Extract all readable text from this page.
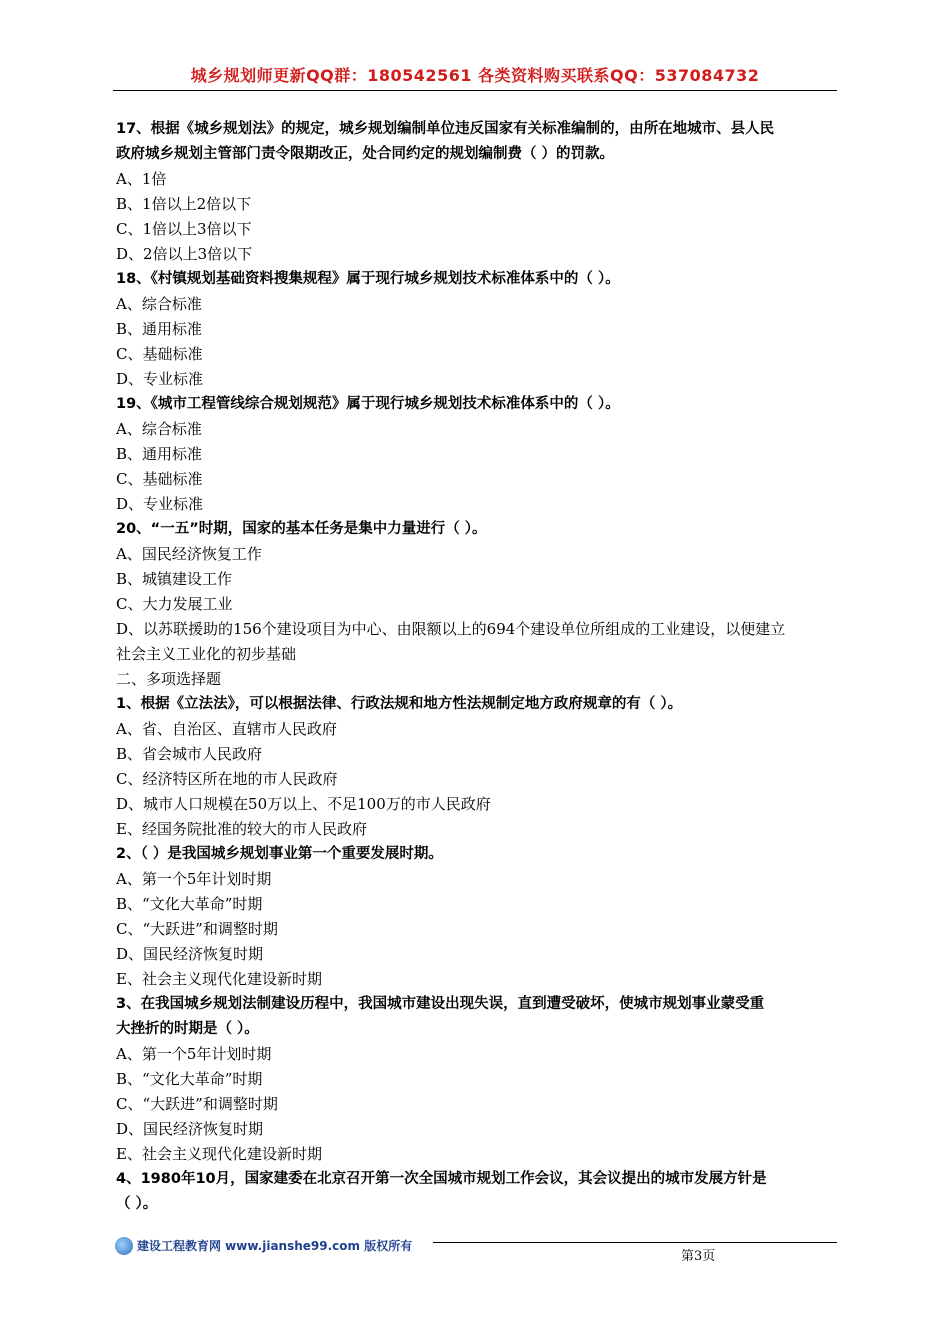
城乡规划师更新QQ群：180542561 各类资料购买联系QQ：537084732
17、根据《城乡规划法》的规定，城乡规划编制单位违反国家有关标准编制的，由所在地城市、县人民
政府城乡规划主管部门责令限期改正，处合同约定的规划编制费（ ）的罚款。
A、1倍
B、1倍以上2倍以下
C、1倍以上3倍以下
D、2倍以上3倍以下
18、《村镇规划基础资料搜集规程》属于现行城乡规划技术标准体系中的（ ）。
A、综合标准
B、通用标准
C、基础标准
D、专业标准
19、《城市工程管线综合规划规范》属于现行城乡规划技术标准体系中的（ ）。
A、综合标准
B、通用标准
C、基础标准
D、专业标准
20、“一五”时期，国家的基本任务是集中力量进行（ ）。
A、国民经济恢复工作
B、城镇建设工作
C、大力发展工业
D、以苏联援助的156个建设项目为中心、由限额以上的694个建设单位所组成的工业建设，以便建立
社会主义工业化的初步基础
二、多项选择题
1、根据《立法法》，可以根据法律、行政法规和地方性法规制定地方政府规章的有（ ）。
A、省、自治区、直辖市人民政府
B、省会城市人民政府
C、经济特区所在地的市人民政府
D、城市人口规模在50万以上、不足100万的市人民政府
E、经国务院批准的较大的市人民政府
2、（ ）是我国城乡规划事业第一个重要发展时期。
A、第一个5年计划时期
B、“文化大革命”时期
C、“大跃进”和调整时期
D、国民经济恢复时期
E、社会主义现代化建设新时期
3、在我国城乡规划法制建设历程中，我国城市建设出现失误，直到遭受破坏，使城市规划事业蒙受重
大挫折的时期是（ ）。
A、第一个5年计划时期
B、“文化大革命”时期
C、“大跃进”和调整时期
D、国民经济恢复时期
E、社会主义现代化建设新时期
4、1980年10月，国家建委在北京召开第一次全国城市规划工作会议，其会议提出的城市发展方针是
（ ）。
建设工程教育网 www.jianshe99.com 版权所有
第3页
